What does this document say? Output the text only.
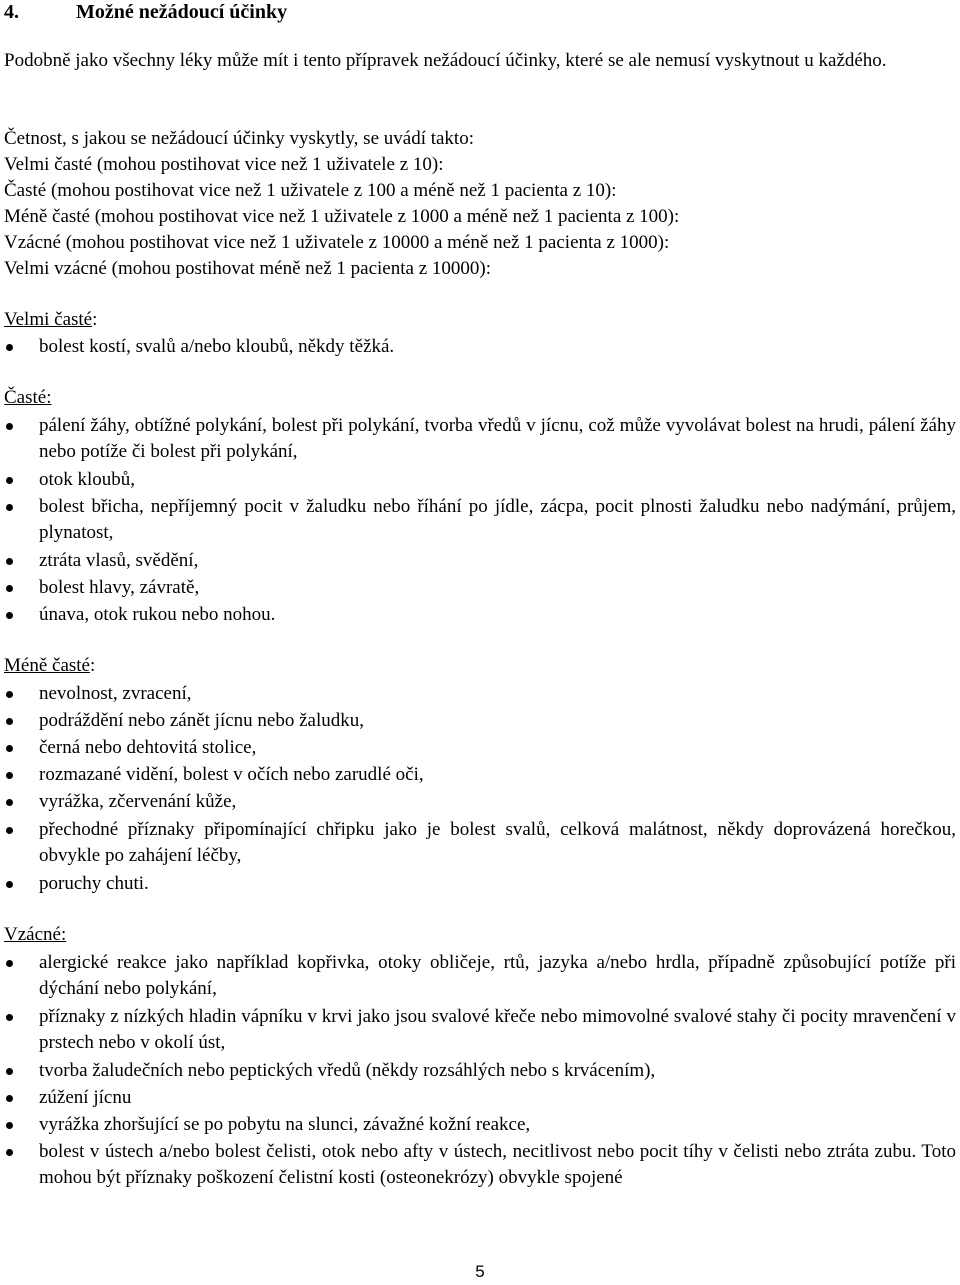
4.	Možné nežádoucí účinky
Podobně jako všechny léky může mít i tento přípravek nežádoucí účinky, které se ale nemusí vyskytnout u každého.
Četnost, s jakou se nežádoucí účinky vyskytly, se uvádí takto:
Velmi časté (mohou postihovat vice než 1 uživatele z 10):
Časté (mohou postihovat vice než 1 uživatele z 100 a méně než 1 pacienta z 10):
Méně časté (mohou postihovat vice než 1 uživatele z 1000 a méně než 1 pacienta z 100):
Vzácné (mohou postihovat vice než 1 uživatele z 10000 a méně než 1 pacienta z 1000):
Velmi vzácné (mohou postihovat méně než 1 pacienta z 10000):
Velmi časté:
bolest kostí, svalů a/nebo kloubů, někdy těžká.
Časté:
pálení žáhy, obtížné polykání, bolest při polykání, tvorba vředů v jícnu, což může vyvolávat bolest na hrudi, pálení žáhy nebo potíže či bolest při polykání,
otok kloubů,
bolest břicha, nepříjemný pocit v žaludku nebo říhání po jídle, zácpa, pocit plnosti žaludku nebo nadýmání, průjem, plynatost,
ztráta vlasů, svědění,
bolest hlavy, závratě,
únava, otok rukou nebo nohou.
Méně časté:
nevolnost, zvracení,
podráždění nebo zánět jícnu nebo žaludku,
černá nebo dehtovitá stolice,
rozmazané vidění, bolest v očích nebo zarudlé oči,
vyrážka, zčervenání kůže,
přechodné příznaky připomínající chřipku jako je bolest svalů, celková malátnost, někdy doprovázená horečkou, obvykle po zahájení léčby,
poruchy chuti.
Vzácné:
alergické reakce jako například kopřivka, otoky obličeje, rtů, jazyka a/nebo hrdla, případně způsobující potíže při dýchání nebo polykání,
příznaky z nízkých hladin vápníku v krvi jako jsou svalové křeče nebo mimovolné svalové stahy či pocity mravenčení v prstech nebo v okolí úst,
tvorba žaludečních nebo peptických vředů (někdy rozsáhlých nebo s krvácením),
zúžení jícnu
vyrážka zhoršující se po pobytu na slunci, závažné kožní reakce,
bolest v ústech a/nebo bolest čelisti, otok nebo afty v ústech, necitlivost nebo pocit tíhy v čelisti nebo ztráta zubu. Toto mohou být příznaky poškození čelistní kosti (osteonekrózy) obvykle spojené
5
